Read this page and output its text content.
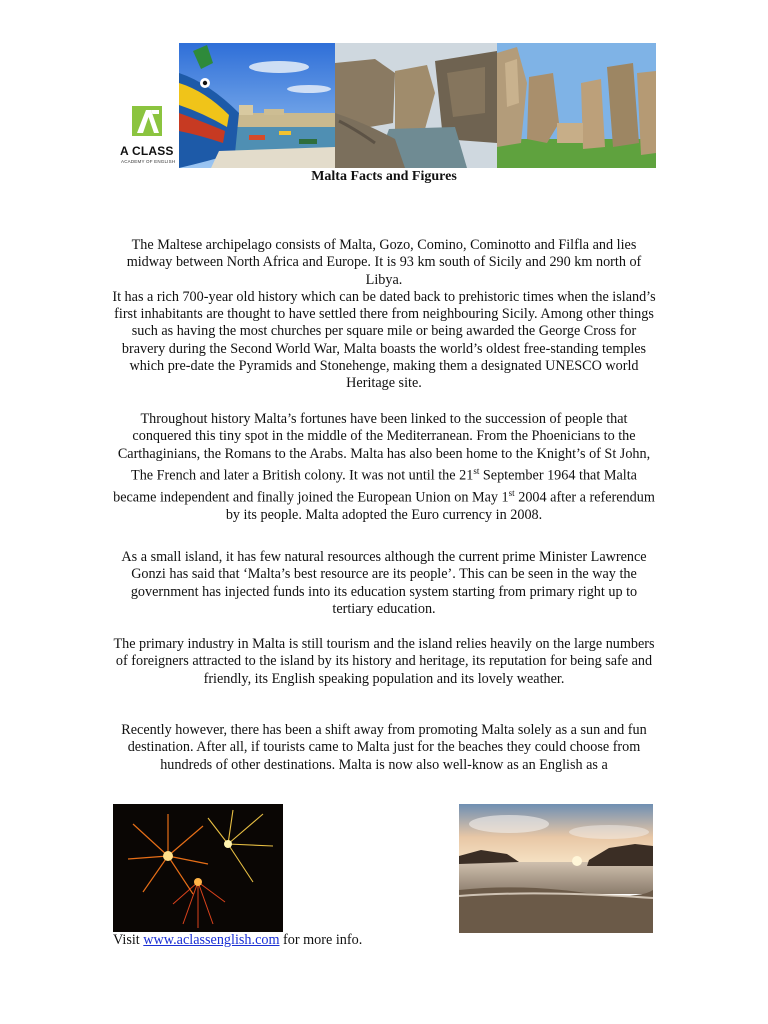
A CLASS
ACADEMY OF ENGLISH
Malta Facts and Figures

The Maltese archipelago consists of Malta, Gozo, Comino, Cominotto and Filfla and lies midway between North Africa and Europe. It is 93 km south of Sicily and 290 km north of Libya.

It has a rich 700-year old history which can be dated back to prehistoric times when the island’s first inhabitants are thought to have settled there from neighbouring Sicily. Among other things such as having the most churches per square mile or being awarded the George Cross for bravery during the Second World War, Malta boasts the world’s oldest free-standing temples which pre-date the Pyramids and Stonehenge, making them a designated UNESCO world Heritage site.

Throughout history Malta’s fortunes have been linked to the succession of people that conquered this tiny spot in the middle of the Mediterranean. From the Phoenicians to the Carthaginians, the Romans to the Arabs. Malta has also been home to the Knight’s of St John, The French and later a British colony. It was not until the 21st September 1964 that Malta became independent and finally joined the European Union on May 1st 2004 after a referendum by its people. Malta adopted the Euro currency in 2008.

As a small island, it has few natural resources although the current prime Minister Lawrence Gonzi has said that ‘Malta’s best resource are its people’. This can be seen in the way the government has injected funds into its education system starting from primary right up to tertiary education.

The primary industry in Malta is still tourism and the island relies heavily on the large numbers of foreigners attracted to the island by its history and heritage, its reputation for being safe and friendly, its English speaking population and its lovely weather.

Recently however, there has been a shift away from promoting Malta solely as a sun and fun destination. After all, if tourists came to Malta just for the beaches they could choose from hundreds of other destinations. Malta is now also well-know as an English as a

Visit www.aclassenglish.com for more info.
